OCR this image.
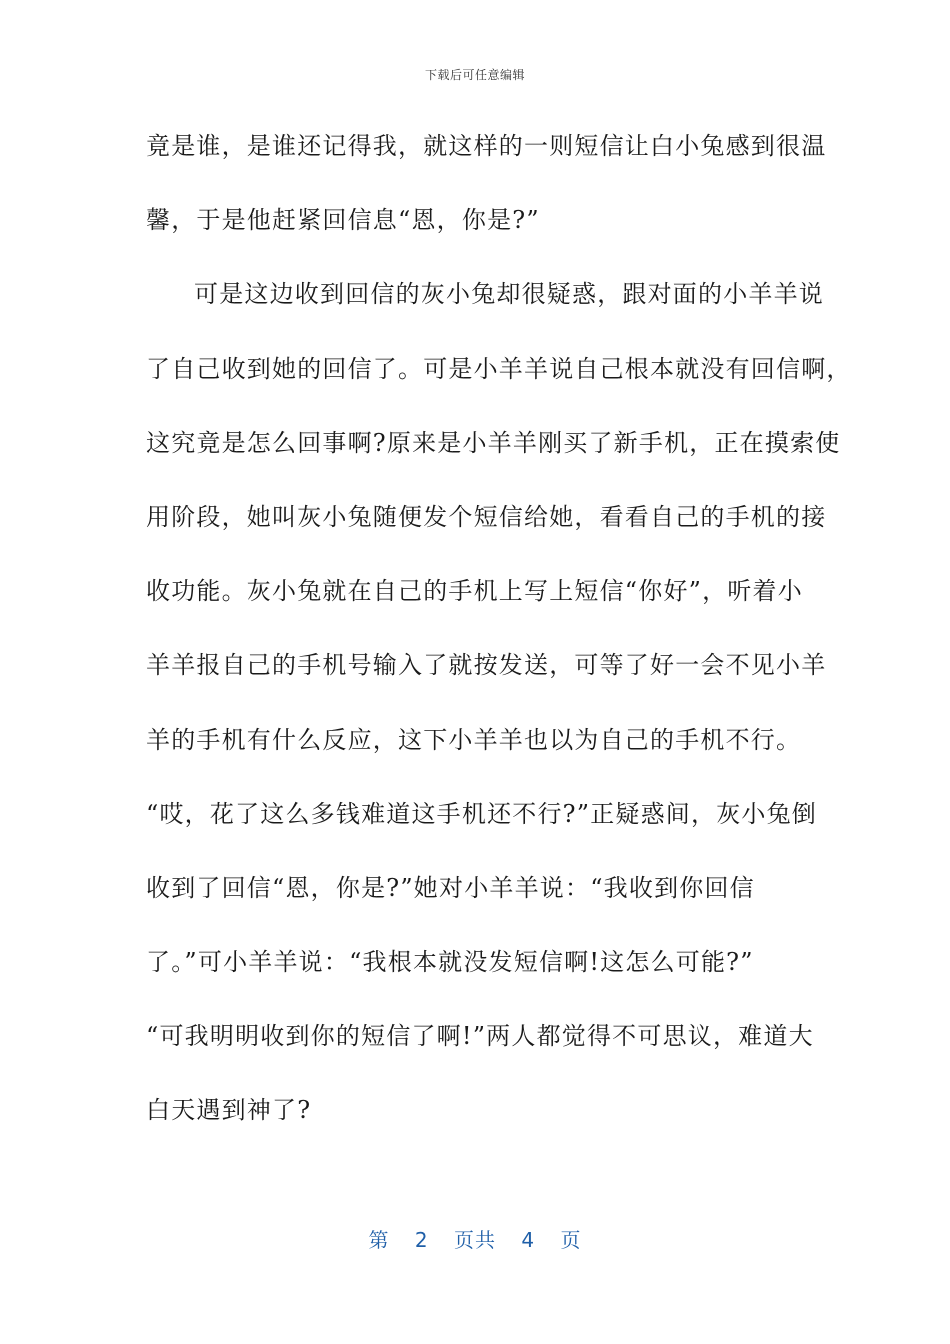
下载后可任意编辑
竟是谁，是谁还记得我，就这样的一则短信让白小兔感到很温
馨，于是他赶紧回信息“恩，你是?”
可是这边收到回信的灰小兔却很疑惑，跟对面的小羊羊说
了自己收到她的回信了。可是小羊羊说自己根本就没有回信啊，
这究竟是怎么回事啊?原来是小羊羊刚买了新手机，正在摸索使
用阶段，她叫灰小兔随便发个短信给她，看看自己的手机的接
收功能。灰小兔就在自己的手机上写上短信“你好”，听着小
羊羊报自己的手机号输入了就按发送，可等了好一会不见小羊
羊的手机有什么反应，这下小羊羊也以为自己的手机不行。
“哎，花了这么多钱难道这手机还不行?”正疑惑间，灰小兔倒
收到了回信“恩，你是?”她对小羊羊说：“我收到你回信
了。”可小羊羊说：“我根本就没发短信啊!这怎么可能?”
“可我明明收到你的短信了啊!”两人都觉得不可思议，难道大
白天遇到神了?
第 2 页共 4 页
